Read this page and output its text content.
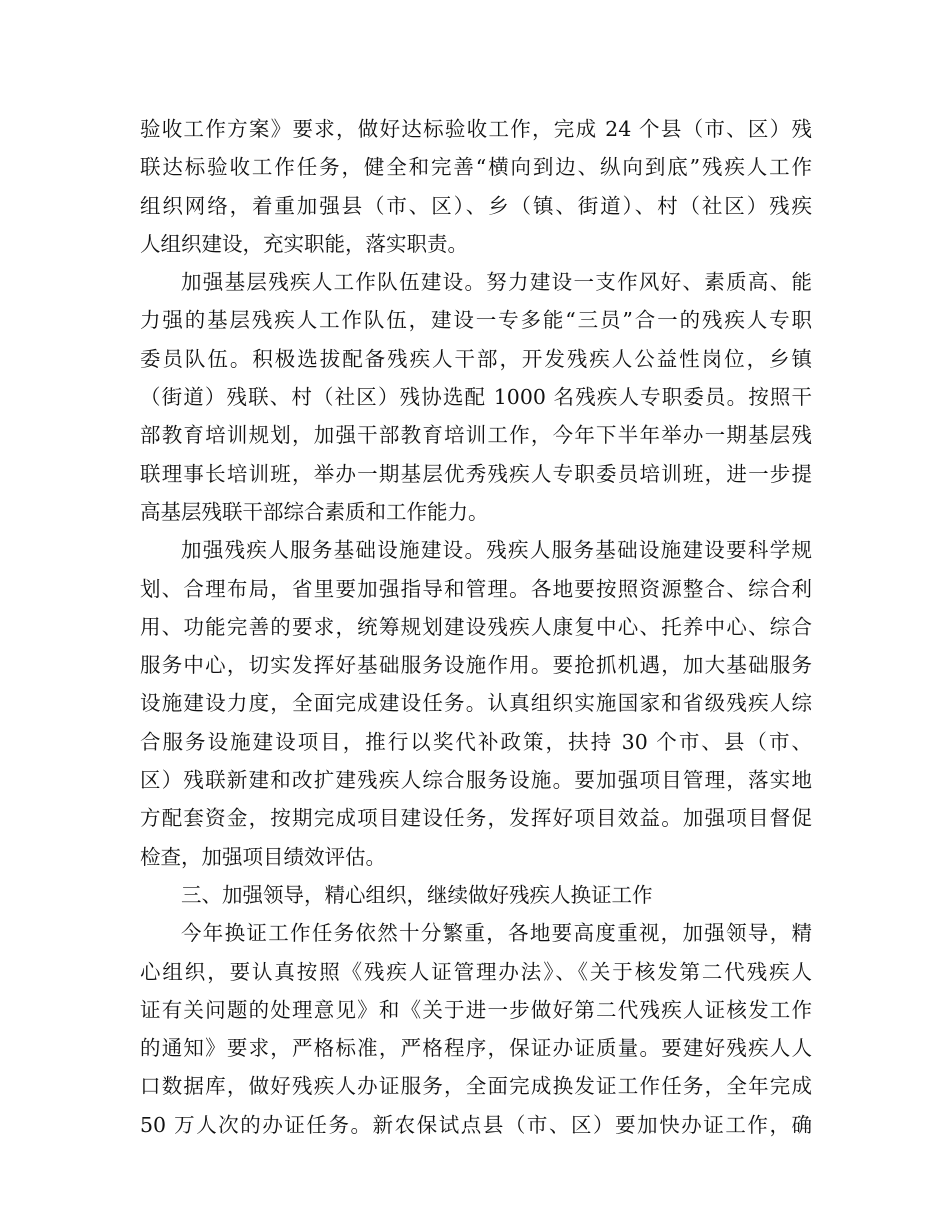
验收工作方案》要求，做好达标验收工作，完成 24 个县（市、区）残
联达标验收工作任务，健全和完善“横向到边、纵向到底”残疾人工作
组织网络，着重加强县（市、区）、乡（镇、街道）、村（社区）残疾
人组织建设，充实职能，落实职责。
加强基层残疾人工作队伍建设。努力建设一支作风好、素质高、能
力强的基层残疾人工作队伍，建设一专多能“三员”合一的残疾人专职
委员队伍。积极选拔配备残疾人干部，开发残疾人公益性岗位，乡镇
（街道）残联、村（社区）残协选配 1000 名残疾人专职委员。按照干
部教育培训规划，加强干部教育培训工作，今年下半年举办一期基层残
联理事长培训班，举办一期基层优秀残疾人专职委员培训班，进一步提
高基层残联干部综合素质和工作能力。
加强残疾人服务基础设施建设。残疾人服务基础设施建设要科学规
划、合理布局，省里要加强指导和管理。各地要按照资源整合、综合利
用、功能完善的要求，统筹规划建设残疾人康复中心、托养中心、综合
服务中心，切实发挥好基础服务设施作用。要抢抓机遇，加大基础服务
设施建设力度，全面完成建设任务。认真组织实施国家和省级残疾人综
合服务设施建设项目，推行以奖代补政策，扶持 30 个市、县（市、
区）残联新建和改扩建残疾人综合服务设施。要加强项目管理，落实地
方配套资金，按期完成项目建设任务，发挥好项目效益。加强项目督促
检查，加强项目绩效评估。
三、加强领导，精心组织，继续做好残疾人换证工作
今年换证工作任务依然十分繁重，各地要高度重视，加强领导，精
心组织，要认真按照《残疾人证管理办法》、《关于核发第二代残疾人
证有关问题的处理意见》和《关于进一步做好第二代残疾人证核发工作
的通知》要求，严格标准，严格程序，保证办证质量。要建好残疾人人
口数据库，做好残疾人办证服务，全面完成换发证工作任务，全年完成
50 万人次的办证任务。新农保试点县（市、区）要加快办证工作，确
